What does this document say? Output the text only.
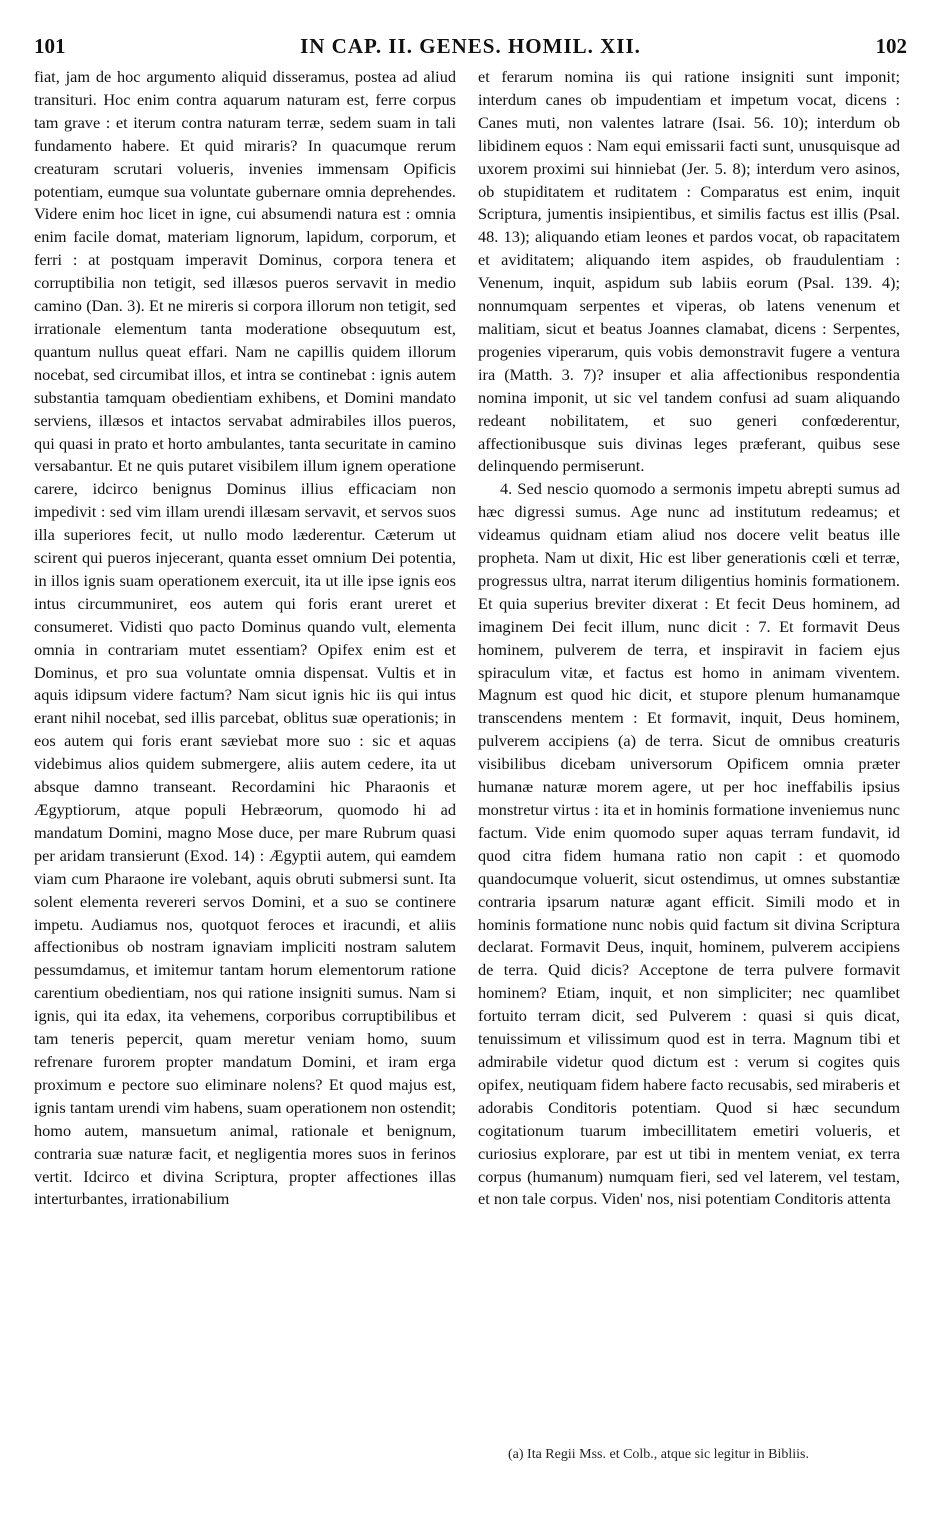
101	IN CAP. II. GENES. HOMIL. XII.	102

fiat, jam de hoc argumento aliquid disseramus, postea ad aliud transituri. Hoc enim contra aquarum naturam est, ferre corpus tam grave : et iterum contra naturam terræ, sedem suam in tali fundamento habere. Et quid miraris? In quacumque rerum creaturam scrutari volueris, invenies immensam Opificis potentiam, eumque sua voluntate gubernare omnia deprehendes. Videre enim hoc licet in igne, cui absumendi natura est : omnia enim facile domat, materiam lignorum, lapidum, corporum, et ferri : at postquam imperavit Dominus, corpora tenera et corruptibilia non tetigit, sed illæsos pueros servavit in medio camino (Dan. 3). Et ne mireris si corpora illorum non tetigit, sed irrationale elementum tanta moderatione obsequutum est, quantum nullus queat effari. Nam ne capillis quidem illorum nocebat, sed circumibat illos, et intra se continebat : ignis autem substantia tamquam obedientiam exhibens, et Domini mandato serviens, illæsos et intactos servabat admirabiles illos pueros, qui quasi in prato et horto ambulantes, tanta securitate in camino versabantur. Et ne quis putaret visibilem illum ignem operatione carere, idcirco benignus Dominus illius efficaciam non impedivit : sed vim illam urendi illæsam servavit, et servos suos illa superiores fecit, ut nullo modo læderentur. Cæterum ut scirent qui pueros injecerant, quanta esset omnium Dei potentia, in illos ignis suam operationem exercuit, ita ut ille ipse ignis eos intus circummuniret, eos autem qui foris erant ureret et consumeret. Vidisti quo pacto Dominus quando vult, elementa omnia in contrariam mutet essentiam? Opifex enim est et Dominus, et pro sua voluntate omnia dispensat. Vultis et in aquis idipsum videre factum? Nam sicut ignis hic iis qui intus erant nihil nocebat, sed illis parcebat, oblitus suæ operationis; in eos autem qui foris erant sæviebat more suo : sic et aquas videbimus alios quidem submergere, aliis autem cedere, ita ut absque damno transeant. Recordamini hic Pharaonis et Ægyptiorum, atque populi Hebræorum, quomodo hi ad mandatum Domini, magno Mose duce, per mare Rubrum quasi per aridam transierunt (Exod. 14) : Ægyptii autem, qui eamdem viam cum Pharaone ire volebant, aquis obruti submersi sunt. Ita solent elementa revereri servos Domini, et a suo se continere impetu. Audiamus nos, quotquot feroces et iracundi, et aliis affectionibus ob nostram ignaviam impliciti nostram salutem pessumdamus, et imitemur tantam horum elementorum ratione carentium obedientiam, nos qui ratione insigniti sumus. Nam si ignis, qui ita edax, ita vehemens, corporibus corruptibilibus et tam teneris pepercit, quam meretur veniam homo, suum refrenare furorem propter mandatum Domini, et iram erga proximum e pectore suo eliminare nolens? Et quod majus est, ignis tantam urendi vim habens, suam operationem non ostendit; homo autem, mansuetum animal, rationale et benignum, contraria suæ naturæ facit, et negligentia mores suos in ferinos vertit. Idcirco et divina Scriptura, propter affectiones illas interturbantes, irrationabilium

et ferarum nomina iis qui ratione insigniti sunt imponit; interdum canes ob impudentiam et impetum vocat, dicens : Canes muti, non valentes latrare (Isai. 56. 10); interdum ob libidinem equos : Nam equi emissarii facti sunt, unusquisque ad uxorem proximi sui hinniebat (Jer. 5. 8); interdum vero asinos, ob stupiditatem et ruditatem : Comparatus est enim, inquit Scriptura, jumentis insipientibus, et similis factus est illis (Psal. 48. 13); aliquando etiam leones et pardos vocat, ob rapacitatem et aviditatem; aliquando item aspides, ob fraudulentiam : Venenum, inquit, aspidum sub labiis eorum (Psal. 139. 4); nonnumquam serpentes et viperas, ob latens venenum et malitiam, sicut et beatus Joannes clamabat, dicens : Serpentes, progenies viperarum, quis vobis demonstravit fugere a ventura ira (Matth. 3. 7)? insuper et alia affectionibus respondentia nomina imponit, ut sic vel tandem confusi ad suam aliquando redeant nobilitatem, et suo generi confœderentur, affectionibusque suis divinas leges præferant, quibus sese delinquendo permiserunt.

4. Sed nescio quomodo a sermonis impetu abrepti sumus ad hæc digressi sumus. Age nunc ad institutum redeamus; et videamus quidnam etiam aliud nos docere velit beatus ille propheta. Nam ut dixit, Hic est liber generationis cœli et terræ, progressus ultra, narrat iterum diligentius hominis formationem. Et quia superius breviter dixerat : Et fecit Deus hominem, ad imaginem Dei fecit illum, nunc dicit : 7. Et formavit Deus hominem, pulverem de terra, et inspiravit in faciem ejus spiraculum vitæ, et factus est homo in animam viventem. Magnum est quod hic dicit, et stupore plenum humanamque transcendens mentem : Et formavit, inquit, Deus hominem, pulverem accipiens (a) de terra. Sicut de omnibus creaturis visibilibus dicebam universorum Opificem omnia præter humanæ naturæ morem agere, ut per hoc ineffabilis ipsius monstretur virtus : ita et in hominis formatione inveniemus nunc factum. Vide enim quomodo super aquas terram fundavit, id quod citra fidem humana ratio non capit : et quomodo quandocumque voluerit, sicut ostendimus, ut omnes substantiæ contraria ipsarum naturæ agant efficit. Simili modo et in hominis formatione nunc nobis quid factum sit divina Scriptura declarat. Formavit Deus, inquit, hominem, pulverem accipiens de terra. Quid dicis? Acceptone de terra pulvere formavit hominem? Etiam, inquit, et non simpliciter; nec quamlibet fortuito terram dicit, sed Pulverem : quasi si quis dicat, tenuissimum et vilissimum quod est in terra. Magnum tibi et admirabile videtur quod dictum est : verum si cogites quis opifex, neutiquam fidem habere facto recusabis, sed miraberis et adorabis Conditoris potentiam. Quod si hæc secundum cogitationum tuarum imbecillitatem emetiri volueris, et curiosius explorare, par est ut tibi in mentem veniat, ex terra corpus (humanum) numquam fieri, sed vel laterem, vel testam, et non tale corpus. Viden' nos, nisi potentiam Conditoris attenta

(a) Ita Regii Mss. et Colb., atque sic legitur in Bibliis.
